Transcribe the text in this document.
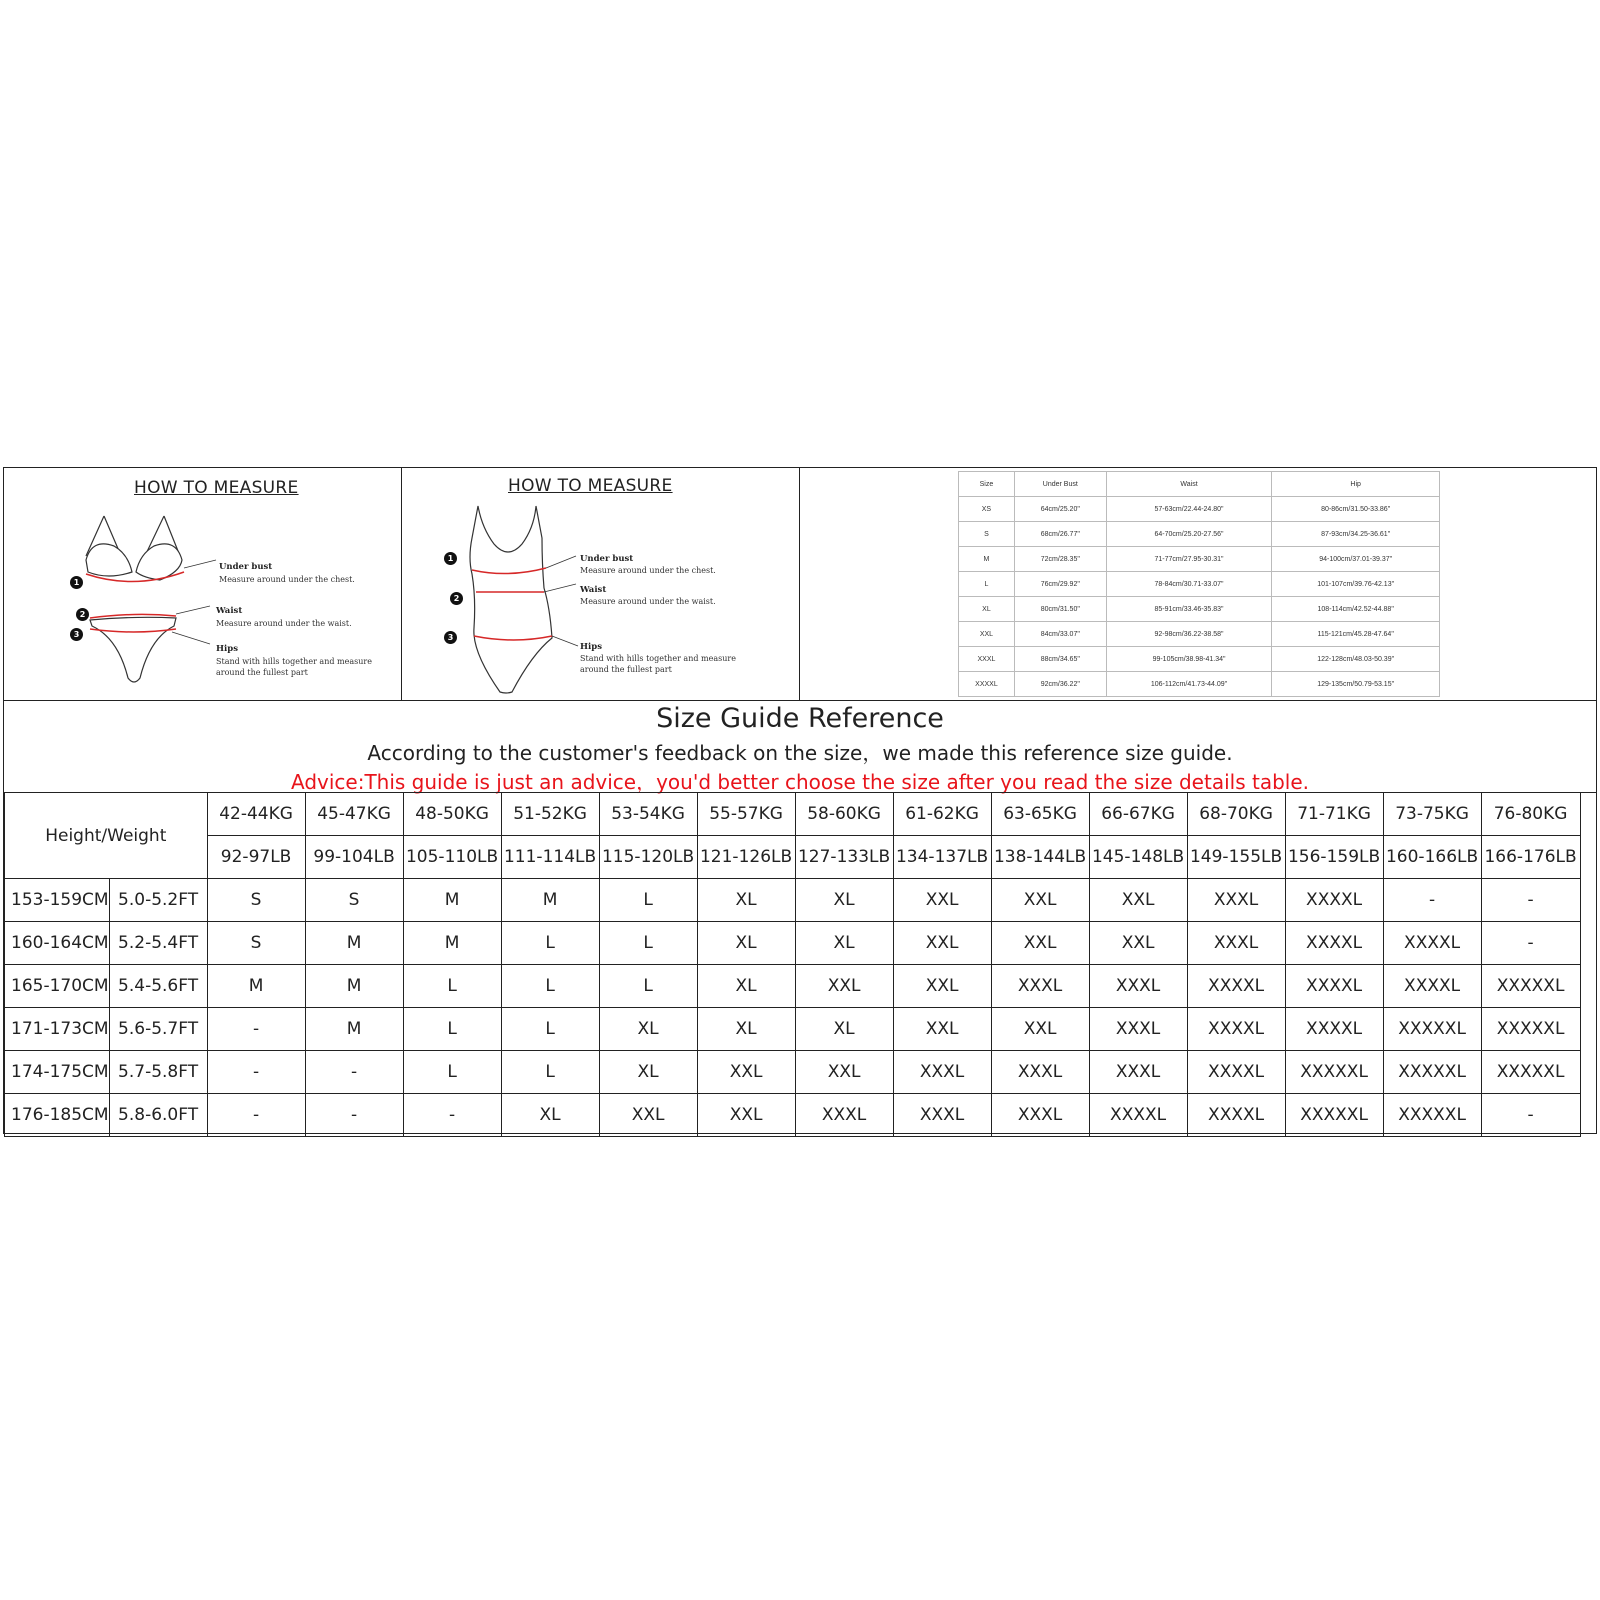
HOW TO MEASURE
1
2
3
Under bust
Measure around under the chest.
Waist
Measure around under the waist.
Hips
Stand with hills together and measure around the fullest part
HOW TO MEASURE
1
2
3
Under bust
Measure around under the chest.
Waist
Measure around under the waist.
Hips
Stand with hills together and measure around the fullest part
Size	Under Bust	Waist	Hip
XS	64cm/25.20"	57-63cm/22.44-24.80"	80-86cm/31.50-33.86"
S	68cm/26.77"	64-70cm/25.20-27.56"	87-93cm/34.25-36.61"
M	72cm/28.35"	71-77cm/27.95-30.31"	94-100cm/37.01-39.37"
L	76cm/29.92"	78-84cm/30.71-33.07"	101-107cm/39.76-42.13"
XL	80cm/31.50"	85-91cm/33.46-35.83"	108-114cm/42.52-44.88"
XXL	84cm/33.07"	92-98cm/36.22-38.58"	115-121cm/45.28-47.64"
XXXL	88cm/34.65"	99-105cm/38.98-41.34"	122-128cm/48.03-50.39"
XXXXL	92cm/36.22"	106-112cm/41.73-44.09"	129-135cm/50.79-53.15"
Size Guide Reference
According to the customer's feedback on the size，we made this reference size guide.
Advice:This guide is just an advice，you'd better choose the size after you read the size details table.
Height/Weight		42-44KG	45-47KG	48-50KG	51-52KG	53-54KG	55-57KG	58-60KG	61-62KG	63-65KG	66-67KG	68-70KG	71-71KG	73-75KG	76-80KG
		92-97LB	99-104LB	105-110LB	111-114LB	115-120LB	121-126LB	127-133LB	134-137LB	138-144LB	145-148LB	149-155LB	156-159LB	160-166LB	166-176LB
153-159CM	5.0-5.2FT	S	S	M	M	L	XL	XL	XXL	XXL	XXL	XXXL	XXXXL	-	-
160-164CM	5.2-5.4FT	S	M	M	L	L	XL	XL	XXL	XXL	XXL	XXXL	XXXXL	XXXXL	-
165-170CM	5.4-5.6FT	M	M	L	L	L	XL	XXL	XXL	XXXL	XXXL	XXXXL	XXXXL	XXXXL	XXXXXL
171-173CM	5.6-5.7FT	-	M	L	L	XL	XL	XL	XXL	XXL	XXXL	XXXXL	XXXXL	XXXXXL	XXXXXL
174-175CM	5.7-5.8FT	-	-	L	L	XL	XXL	XXL	XXXL	XXXL	XXXL	XXXXL	XXXXXL	XXXXXL	XXXXXL
176-185CM	5.8-6.0FT	-	-	-	XL	XXL	XXL	XXXL	XXXL	XXXL	XXXXL	XXXXL	XXXXXL	XXXXXL	-
